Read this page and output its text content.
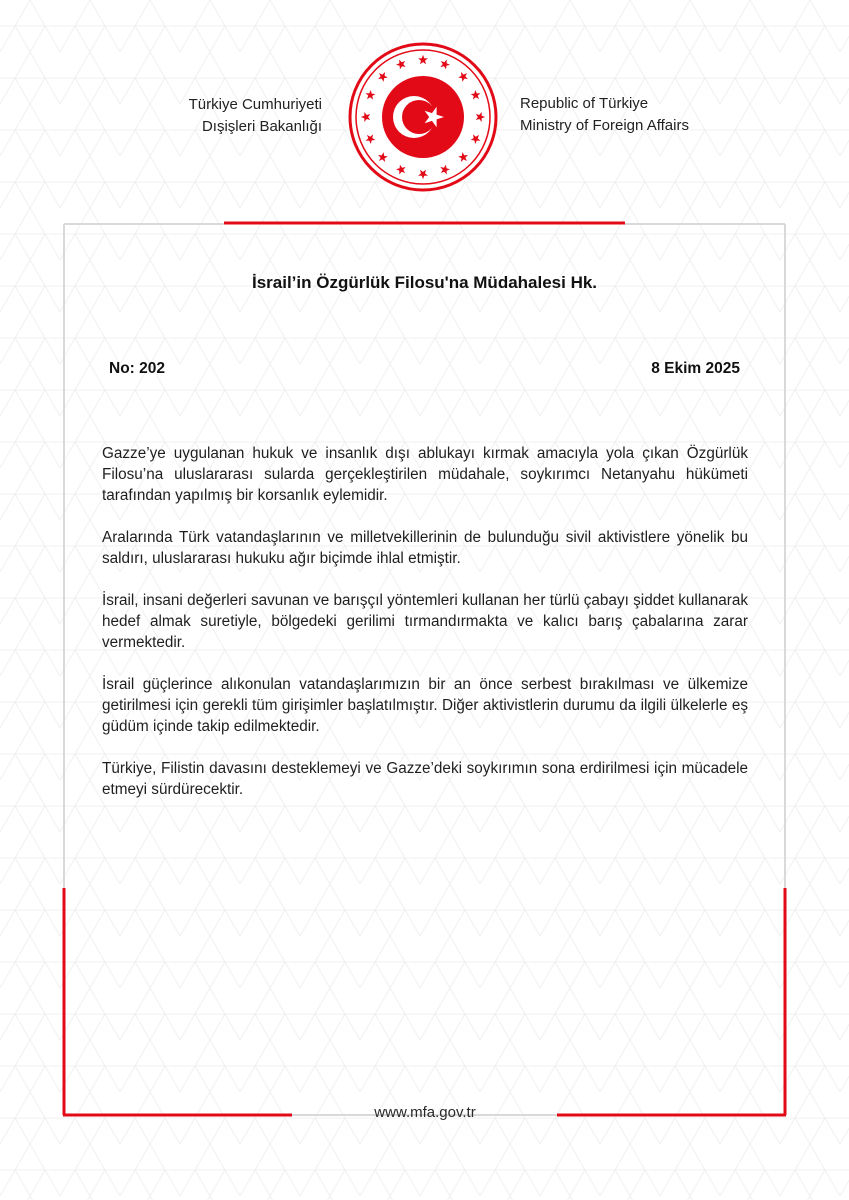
Türkiye Cumhuriyeti
Dışişleri Bakanlığı
Republic of Türkiye
Ministry of Foreign Affairs
İsrail’in Özgürlük Filosu'na Müdahalesi Hk.
No: 202	8 Ekim 2025

Gazze’ye uygulanan hukuk ve insanlık dışı ablukayı kırmak amacıyla yola çıkan Özgürlük Filosu’na uluslararası sularda gerçekleştirilen müdahale, soykırımcı Netanyahu hükümeti tarafından yapılmış bir korsanlık eylemidir.

Aralarında Türk vatandaşlarının ve milletvekillerinin de bulunduğu sivil aktivistlere yönelik bu saldırı, uluslararası hukuku ağır biçimde ihlal etmiştir.

İsrail, insani değerleri savunan ve barışçıl yöntemleri kullanan her türlü çabayı şiddet kullanarak hedef almak suretiyle, bölgedeki gerilimi tırmandırmakta ve kalıcı barış çabalarına zarar vermektedir.

İsrail güçlerince alıkonulan vatandaşlarımızın bir an önce serbest bırakılması ve ülkemize getirilmesi için gerekli tüm girişimler başlatılmıştır. Diğer aktivistlerin durumu da ilgili ülkelerle eş güdüm içinde takip edilmektedir.

Türkiye, Filistin davasını desteklemeyi ve Gazze’deki soykırımın sona erdirilmesi için mücadele etmeyi sürdürecektir.

www.mfa.gov.tr
